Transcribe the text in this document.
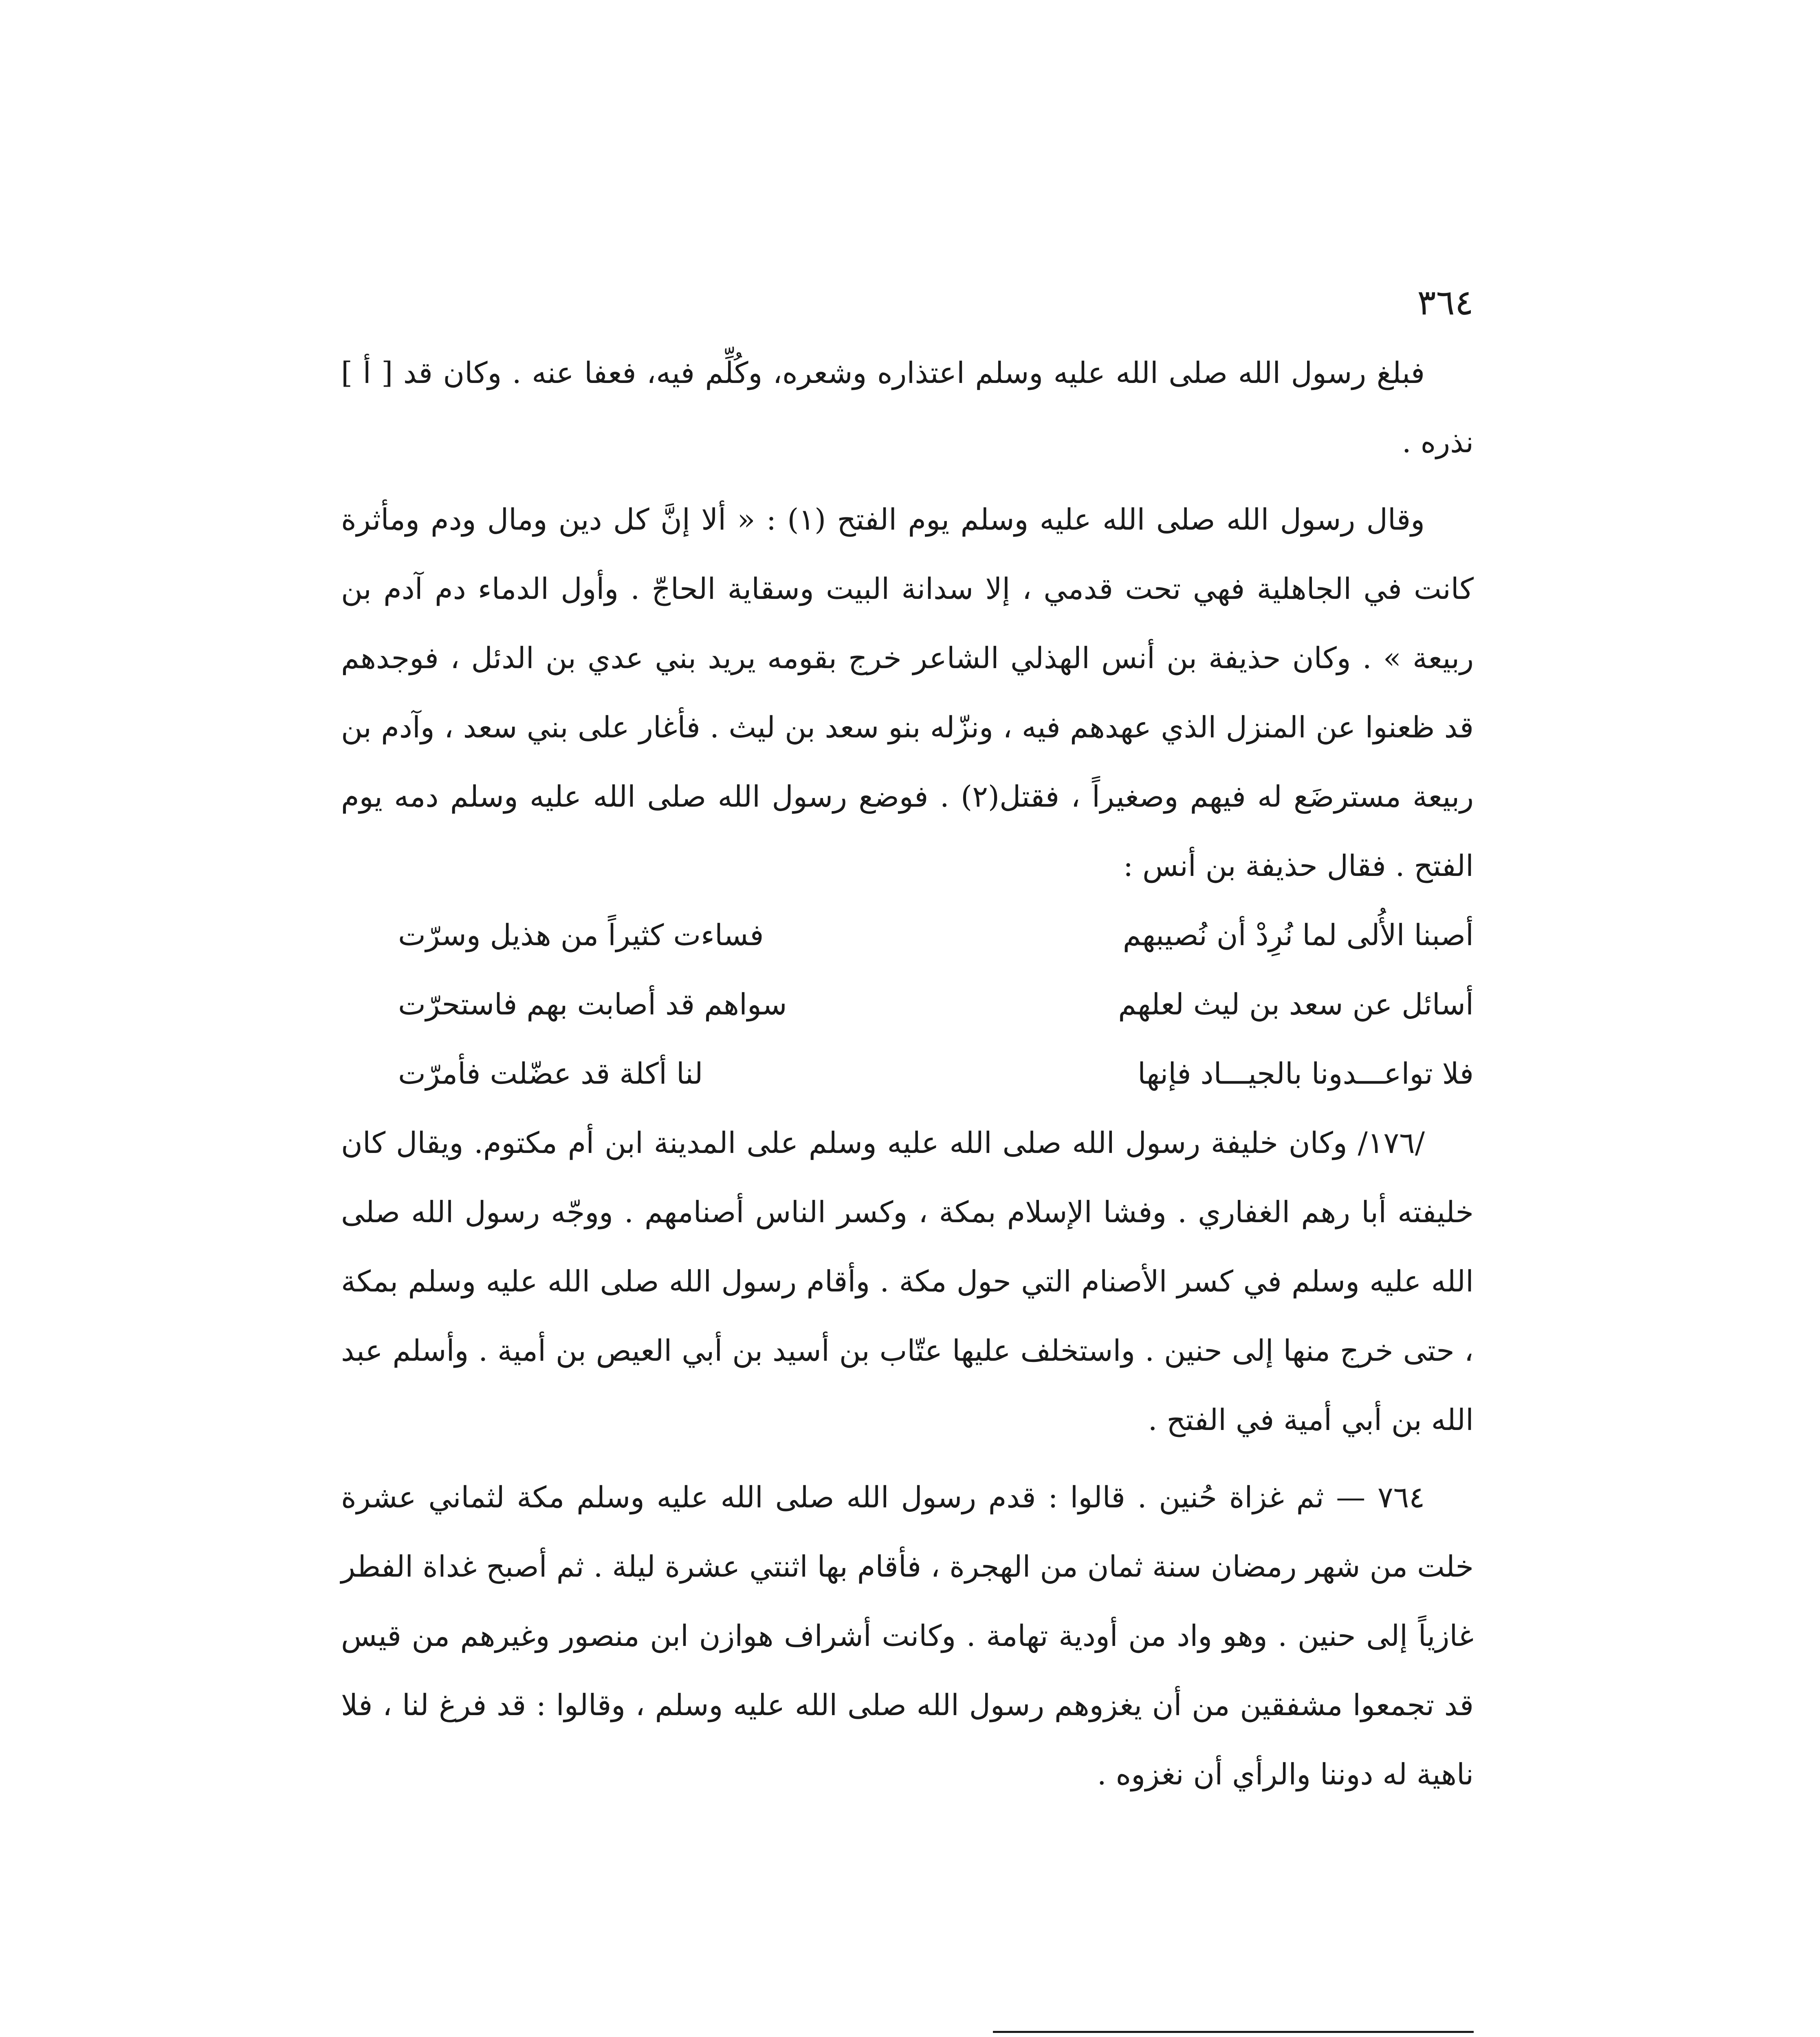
٣٦٤

فبلغ رسول الله صلى الله عليه وسلم اعتذاره وشعره، وكُلِّم فيه، فعفا عنه . وكان قد [ أ ] نذره .

وقال رسول الله صلى الله عليه وسلم يوم الفتح (١) : « ألا إنَّ كل دين ومال ودم ومأثرة كانت في الجاهلية فهي تحت قدمي ، إلا سدانة البيت وسقاية الحاجّ . وأول الدماء دم آدم بن ربيعة » . وكان حذيفة بن أنس الهذلي الشاعر خرج بقومه يريد بني عدي بن الدئل ، فوجدهم قد ظعنوا عن المنزل الذي عهدهم فيه ، ونزّله بنو سعد بن ليث . فأغار على بني سعد ، وآدم بن ربيعة مسترضَع له فيهم وصغيراً ، فقتل(٢) . فوضع رسول الله صلى الله عليه وسلم دمه يوم الفتح . فقال حذيفة بن أنس :

أصبنا الأُلى لما نُرِدْ أن نُصيبهم
فساءت كثيراً من هذيل وسرّت
أسائل عن سعد بن ليث لعلهم
سواهم قد أصابت بهم فاستحرّت
فلا تواعـــدونا بالجيـــاد فإنها
لنا أكلة قد عضّلت فأمرّت

/١٧٦/ وكان خليفة رسول الله صلى الله عليه وسلم على المدينة ابن أم مكتوم. ويقال كان خليفته أبا رهم الغفاري . وفشا الإسلام بمكة ، وكسر الناس أصنامهم . ووجّه رسول الله صلى الله عليه وسلم في كسر الأصنام التي حول مكة . وأقام رسول الله صلى الله عليه وسلم بمكة ، حتى خرج منها إلى حنين . واستخلف عليها عتّاب بن أسيد بن أبي العيص بن أمية . وأسلم عبد الله بن أبي أمية في الفتح .

٧٦٤ — ثم غزاة حُنين . قالوا : قدم رسول الله صلى الله عليه وسلم مكة لثماني عشرة خلت من شهر رمضان سنة ثمان من الهجرة ، فأقام بها اثنتي عشرة ليلة . ثم أصبح غداة الفطر غازياً إلى حنين . وهو واد من أودية تهامة . وكانت أشراف هوازن ابن منصور وغيرهم من قيس قد تجمعوا مشفقين من أن يغزوهم رسول الله صلى الله عليه وسلم ، وقالوا : قد فرغ لنا ، فلا ناهية له دوننا والرأي أن نغزوه .
